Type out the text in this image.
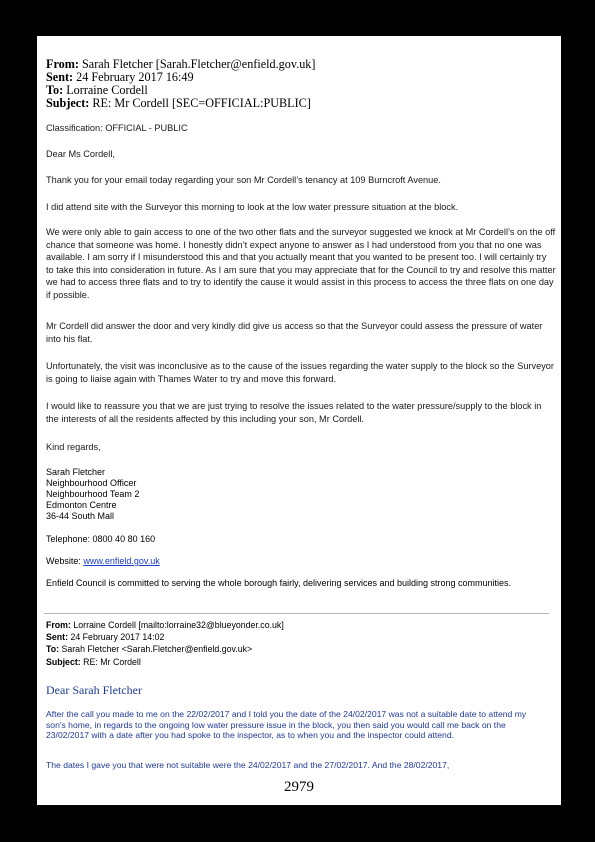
From: Sarah Fletcher [Sarah.Fletcher@enfield.gov.uk]
Sent: 24 February 2017 16:49
To: Lorraine Cordell
Subject: RE: Mr Cordell [SEC=OFFICIAL:PUBLIC]

Classification: OFFICIAL - PUBLIC

Dear Ms Cordell,

Thank you for your email today regarding your son Mr Cordell’s tenancy at 109 Burncroft Avenue.

I did attend site with the Surveyor this morning to look at the low water pressure situation at the block.

We were only able to gain access to one of the two other flats and the surveyor suggested we knock at Mr Cordell’s on the off chance that someone was home. I honestly didn’t expect anyone to answer as I had understood from you that no one was available. I am sorry if I misunderstood this and that you actually meant that you wanted to be present too. I will certainly try to take this into consideration in future. As I am sure that you may appreciate that for the Council to try and resolve this matter we had to access three flats and to try to identify the cause it would assist in this process to access the three flats on one day if possible.

Mr Cordell did answer the door and very kindly did give us access so that the Surveyor could assess the pressure of water into his flat.

Unfortunately, the visit was inconclusive as to the cause of the issues regarding the water supply to the block so the Surveyor is going to liaise again with Thames Water to try and move this forward.

I would like to reassure you that we are just trying to resolve the issues related to the water pressure/supply to the block in the interests of all the residents affected by this including your son, Mr Cordell.

Kind regards,

Sarah Fletcher
Neighbourhood Officer
Neighbourhood Team 2
Edmonton Centre
36-44 South Mall

Telephone: 0800 40 80 160

Website: www.enfield.gov.uk

Enfield Council is committed to serving the whole borough fairly, delivering services and building strong communities.

From: Lorraine Cordell [mailto:lorraine32@blueyonder.co.uk]
Sent: 24 February 2017 14:02
To: Sarah Fletcher <Sarah.Fletcher@enfield.gov.uk>
Subject: RE: Mr Cordell
Dear Sarah Fletcher

After the call you made to me on the 22/02/2017 and I told you the date of the 24/02/2017 was not a suitable date to attend my son's home, in regards to the ongoing low water pressure issue in the block, you then said you would call me back on the 23/02/2017 with a date after you had spoke to the inspector, as to when you and the inspector could attend.

The dates I gave you that were not suitable were the 24/02/2017 and the 27/02/2017. And the 28/02/2017,

2979
